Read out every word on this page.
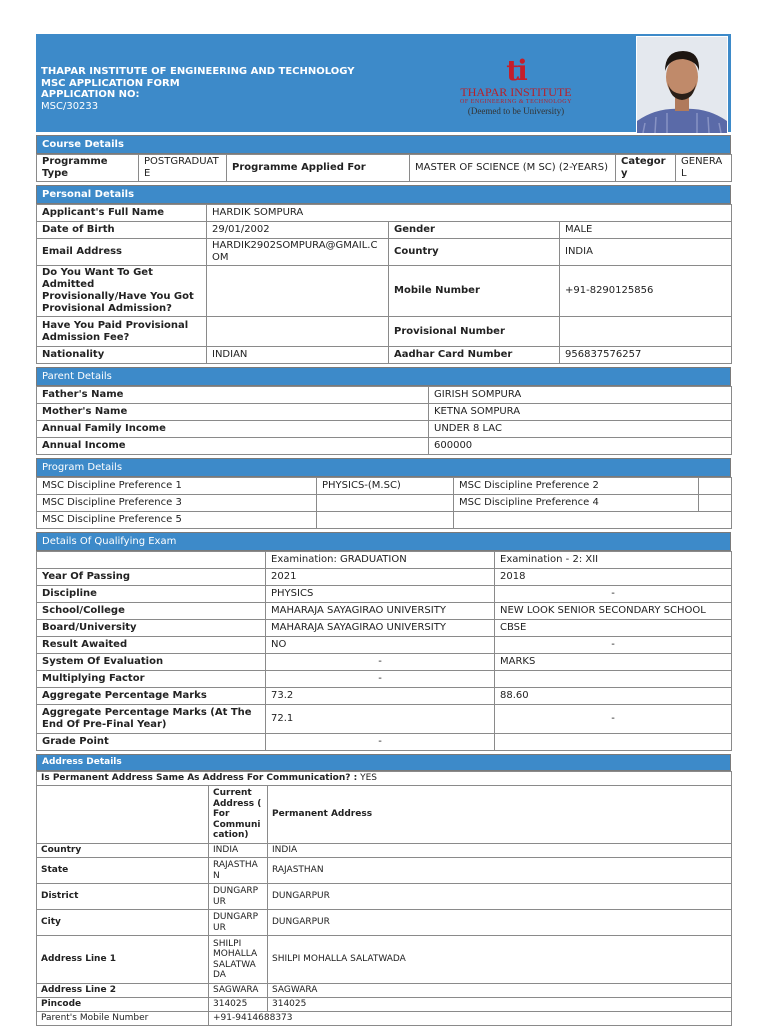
THAPAR INSTITUTE OF ENGINEERING AND TECHNOLOGY
MSC APPLICATION FORM
APPLICATION NO:
MSC/30233
ti
THAPAR INSTITUTE
OF ENGINEERING & TECHNOLOGY
(Deemed to be University)
Course Details
Programme Type	POSTGRADUATE	Programme Applied For	MASTER OF SCIENCE (M SC) (2-YEARS)	Category	GENERAL
Personal Details
Applicant's Full Name	HARDIK SOMPURA		
Date of Birth	29/01/2002	Gender	MALE
Email Address	HARDIK2902SOMPURA@GMAIL.COM	Country	INDIA
Do You Want To Get Admitted Provisionally/Have You Got Provisional Admission?		Mobile Number	+91-8290125856
Have You Paid Provisional Admission Fee?		Provisional Number	
Nationality	INDIAN	Aadhar Card Number	956837576257
Parent Details
Father's Name	GIRISH SOMPURA
Mother's Name	KETNA SOMPURA
Annual Family Income	UNDER 8 LAC
Annual Income	600000
Program Details
MSC Discipline Preference 1	PHYSICS-(M.SC)	MSC Discipline Preference 2	
MSC Discipline Preference 3		MSC Discipline Preference 4	
MSC Discipline Preference 5			
Details Of Qualifying Exam
	Examination: GRADUATION	Examination - 2: XII
Year Of Passing	2021	2018
Discipline	PHYSICS	-
School/College	MAHARAJA SAYAGIRAO UNIVERSITY	NEW LOOK SENIOR SECONDARY SCHOOL
Board/University	MAHARAJA SAYAGIRAO UNIVERSITY	CBSE
Result Awaited	NO	-
System Of Evaluation	-	MARKS
Multiplying Factor	-	
Aggregate Percentage Marks	73.2	88.60
Aggregate Percentage Marks (At The End Of Pre-Final Year)	72.1	-
Grade Point	-	
Address Details
Is Permanent Address Same As Address For Communication? : YES		
	Current Address ( For Communi cation)	Permanent Address
Country	INDIA	INDIA
State	RAJASTHA N	RAJASTHAN
District	DUNGARP UR	DUNGARPUR
City	DUNGARP UR	DUNGARPUR
Address Line 1	SHILPI MOHALLA SALATWA DA	SHILPI MOHALLA SALATWADA
Address Line 2	SAGWARA	SAGWARA
Pincode	314025	314025
Parent's Mobile Number	+91-9414688373	
